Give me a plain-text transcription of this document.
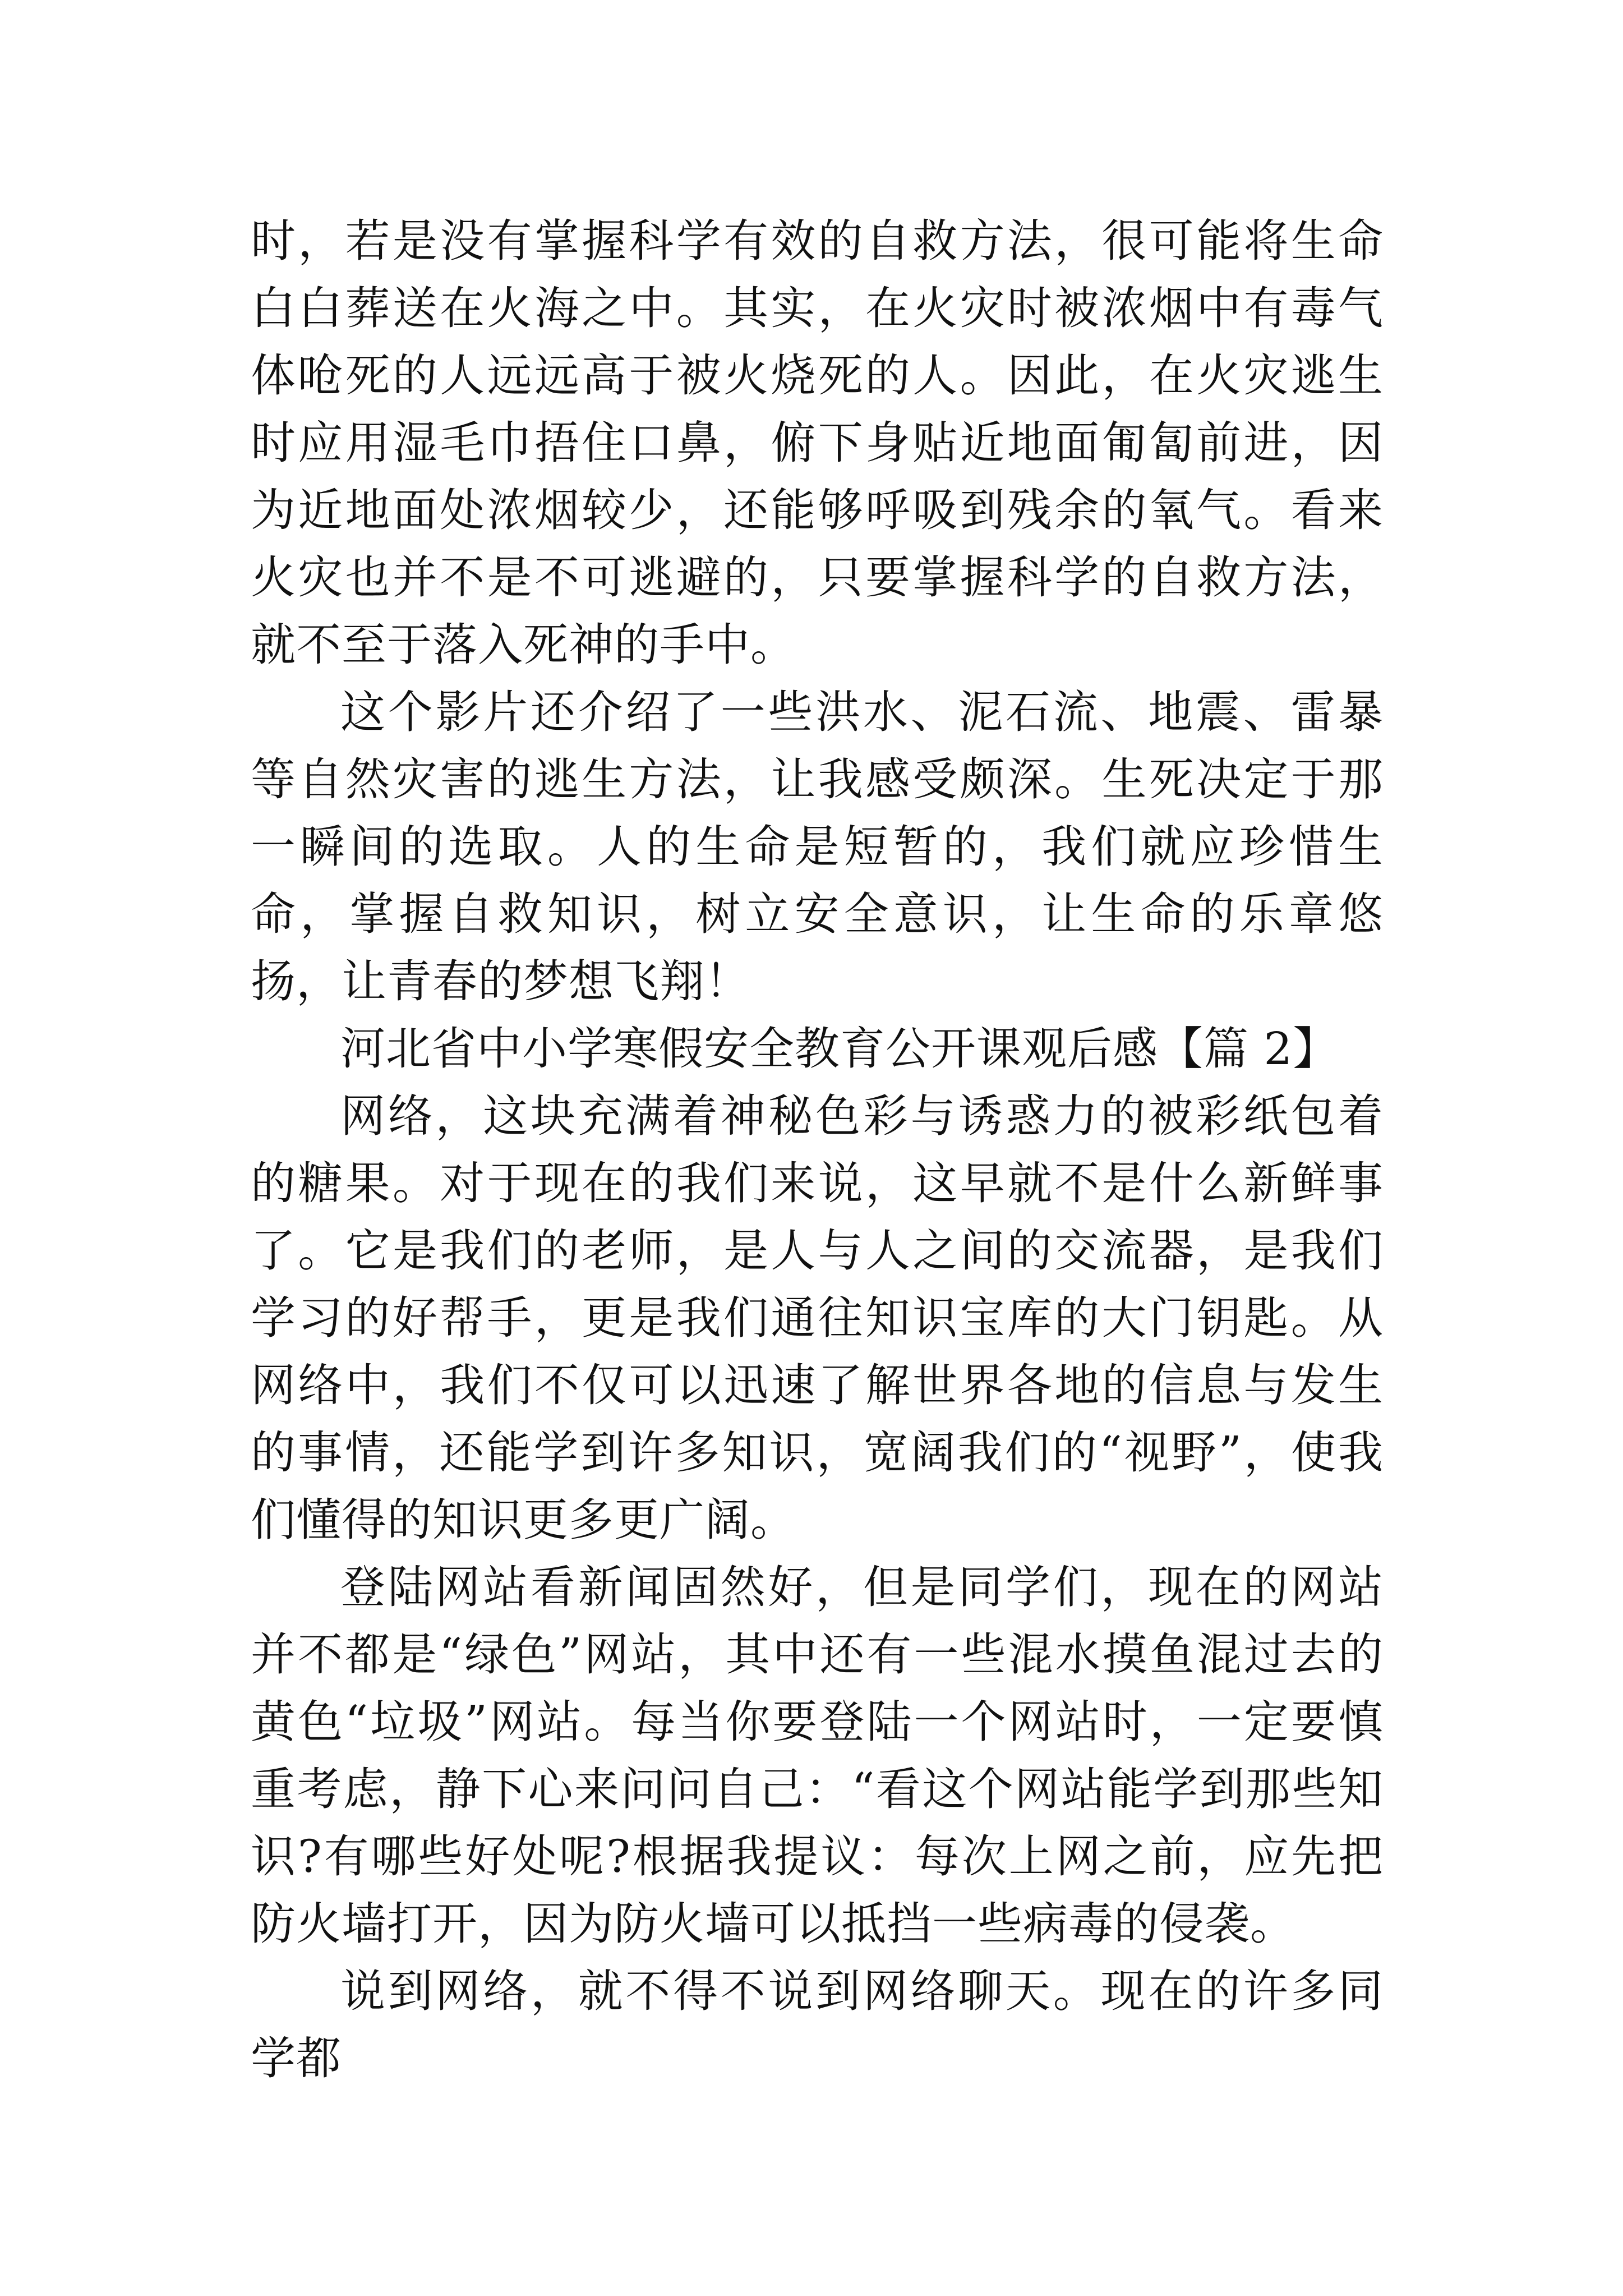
时，若是没有掌握科学有效的自救方法，很可能将生命白白葬送在火海之中。其实，在火灾时被浓烟中有毒气体呛死的人远远高于被火烧死的人。因此，在火灾逃生时应用湿毛巾捂住口鼻，俯下身贴近地面匍匐前进，因为近地面处浓烟较少，还能够呼吸到残余的氧气。看来火灾也并不是不可逃避的，只要掌握科学的自救方法，就不至于落入死神的手中。

这个影片还介绍了一些洪水、泥石流、地震、雷暴等自然灾害的逃生方法，让我感受颇深。生死决定于那一瞬间的选取。人的生命是短暂的，我们就应珍惜生命，掌握自救知识，树立安全意识，让生命的乐章悠扬，让青春的梦想飞翔！

河北省中小学寒假安全教育公开课观后感【篇 2】

网络，这块充满着神秘色彩与诱惑力的被彩纸包着的糖果。对于现在的我们来说，这早就不是什么新鲜事了。它是我们的老师，是人与人之间的交流器，是我们学习的好帮手，更是我们通往知识宝库的大门钥匙。从网络中，我们不仅可以迅速了解世界各地的信息与发生的事情，还能学到许多知识，宽阔我们的“视野”，使我们懂得的知识更多更广阔。

登陆网站看新闻固然好，但是同学们，现在的网站并不都是“绿色”网站，其中还有一些混水摸鱼混过去的黄色“垃圾”网站。每当你要登陆一个网站时，一定要慎重考虑，静下心来问问自己：“看这个网站能学到那些知识?有哪些好处呢?根据我提议：每次上网之前，应先把防火墙打开，因为防火墙可以抵挡一些病毒的侵袭。

说到网络，就不得不说到网络聊天。现在的许多同学都
